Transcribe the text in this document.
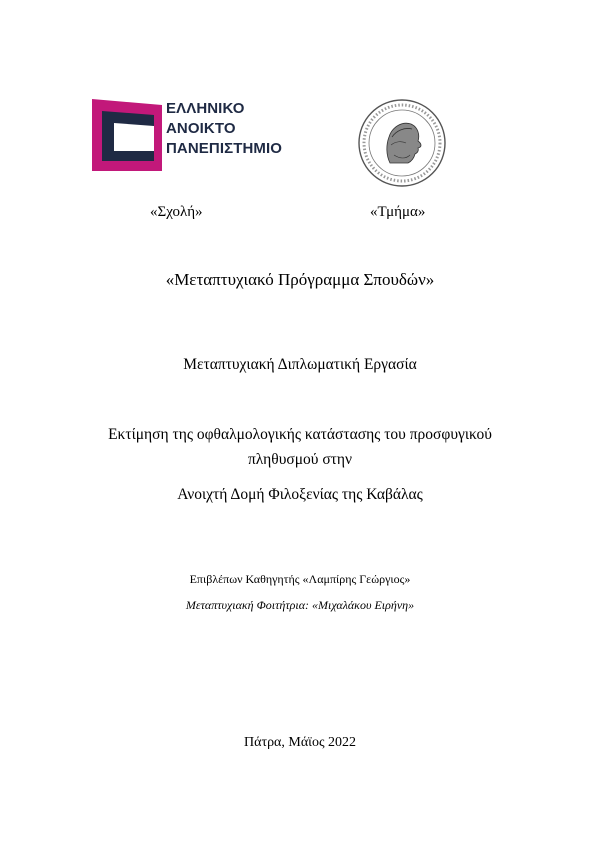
ΕΛΛΗΝΙΚΟ
ΑΝΟΙΚΤΟ
ΠΑΝΕΠΙΣΤΗΜΙΟ
«Σχολή»	«Τμήμα»
«Μεταπτυχιακό Πρόγραμμα Σπουδών»
Μεταπτυχιακή Διπλωματική Εργασία
Εκτίμηση της οφθαλμολογικής κατάστασης του προσφυγικού
πληθυσμού στην
Ανοιχτή Δομή Φιλοξενίας της Καβάλας
Επιβλέπων Καθηγητής «Λαμπίρης Γεώργιος»
Μεταπτυχιακή Φοιτήτρια: «Μιχαλάκου Ειρήνη»
Πάτρα, Μάϊος 2022
